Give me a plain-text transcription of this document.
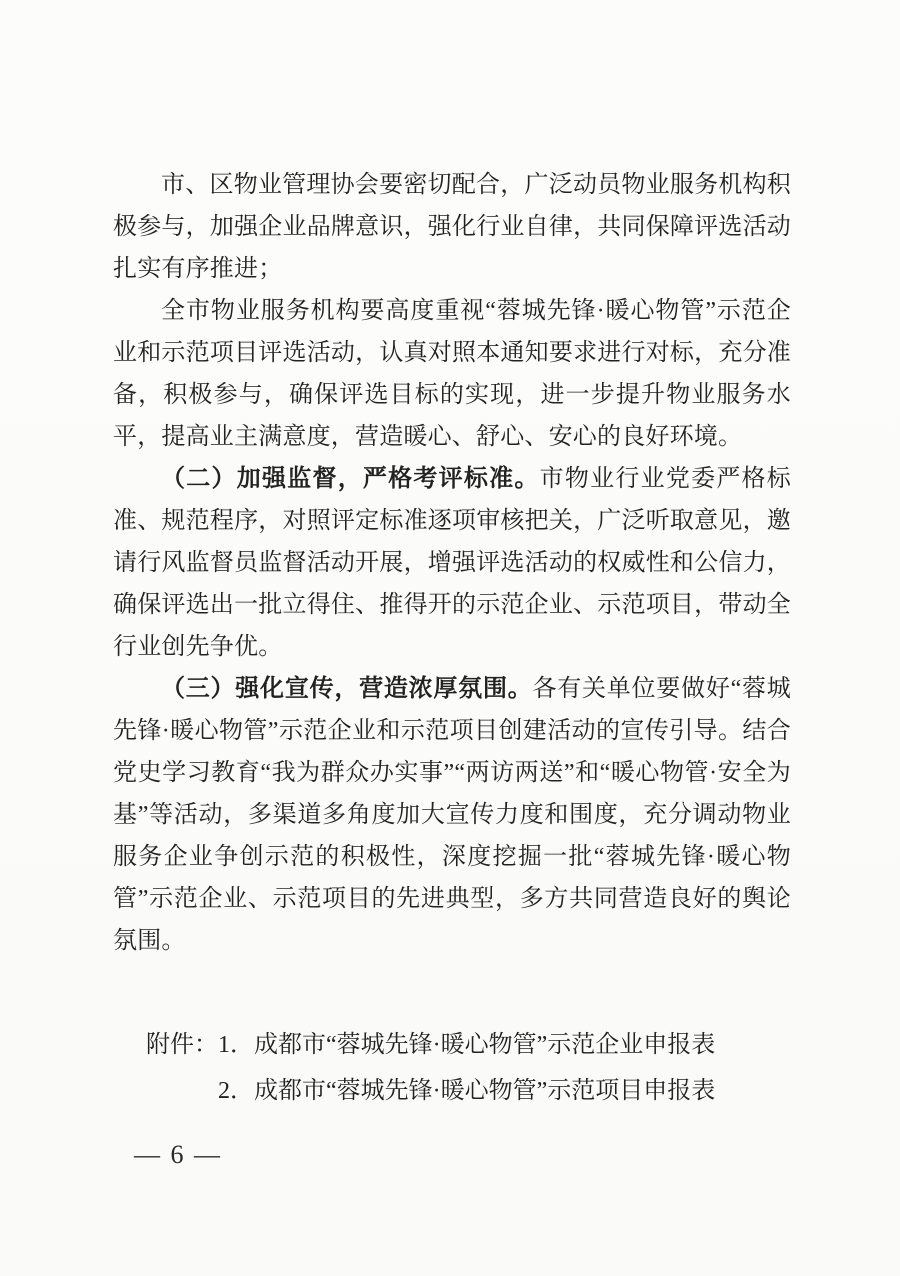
市、区物业管理协会要密切配合，广泛动员物业服务机构积极参与，加强企业品牌意识，强化行业自律，共同保障评选活动扎实有序推进；

全市物业服务机构要高度重视“蓉城先锋·暖心物管”示范企业和示范项目评选活动，认真对照本通知要求进行对标，充分准备，积极参与，确保评选目标的实现，进一步提升物业服务水平，提高业主满意度，营造暖心、舒心、安心的良好环境。

（二）加强监督，严格考评标准。市物业行业党委严格标准、规范程序，对照评定标准逐项审核把关，广泛听取意见，邀请行风监督员监督活动开展，增强评选活动的权威性和公信力，确保评选出一批立得住、推得开的示范企业、示范项目，带动全行业创先争优。

（三）强化宣传，营造浓厚氛围。各有关单位要做好“蓉城先锋·暖心物管”示范企业和示范项目创建活动的宣传引导。结合党史学习教育“我为群众办实事”“两访两送”和“暖心物管·安全为基”等活动，多渠道多角度加大宣传力度和围度，充分调动物业服务企业争创示范的积极性，深度挖掘一批“蓉城先锋·暖心物管”示范企业、示范项目的先进典型，多方共同营造良好的舆论氛围。

附件：1．成都市“蓉城先锋·暖心物管”示范企业申报表
2．成都市“蓉城先锋·暖心物管”示范项目申报表
— 6 —
